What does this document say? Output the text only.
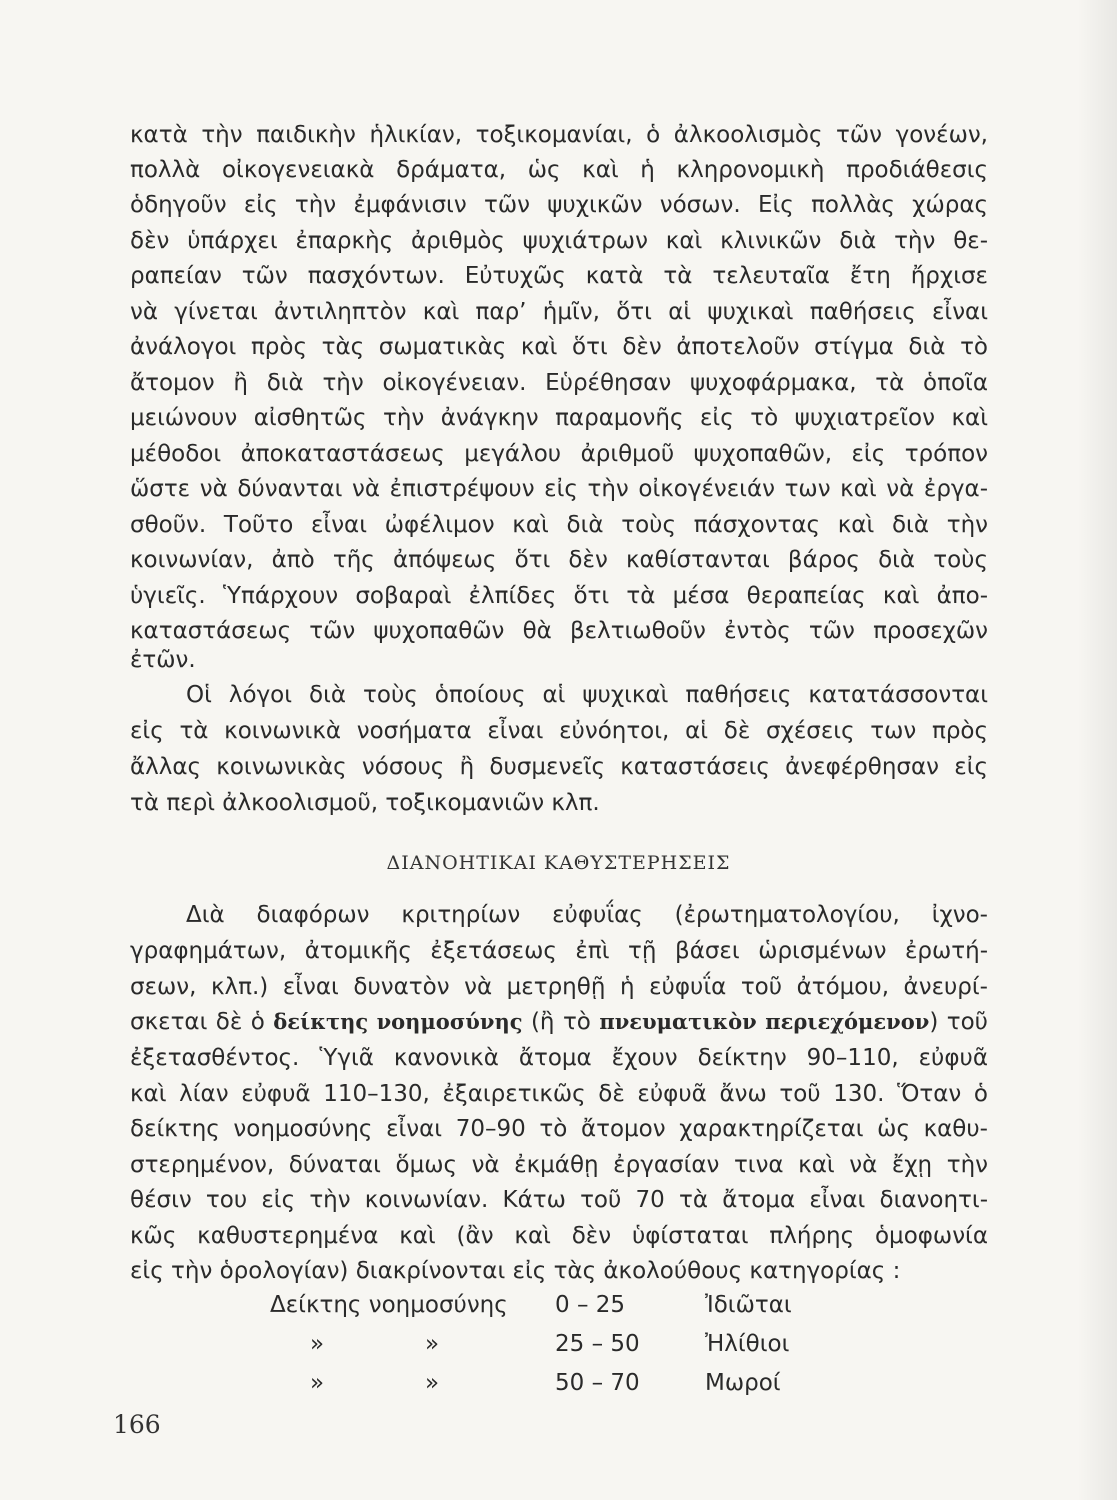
κατὰ τὴν παιδικὴν ἡλικίαν, τοξικομανίαι, ὁ ἀλκοολισμὸς τῶν γονέων,
πολλὰ οἰκογενειακὰ δράματα, ὡς καὶ ἡ κληρονομικὴ προδιάθεσις
ὁδηγοῦν εἰς τὴν ἐμφάνισιν τῶν ψυχικῶν νόσων. Εἰς πολλὰς χώρας
δὲν ὑπάρχει ἐπαρκὴς ἀριθμὸς ψυχιάτρων καὶ κλινικῶν διὰ τὴν θε-
ραπείαν τῶν πασχόντων. Εὐτυχῶς κατὰ τὰ τελευταῖα ἔτη ἤρχισε
νὰ γίνεται ἀντιληπτὸν καὶ παρ’ ἡμῖν, ὅτι αἱ ψυχικαὶ παθήσεις εἶναι
ἀνάλογοι πρὸς τὰς σωματικὰς καὶ ὅτι δὲν ἀποτελοῦν στίγμα διὰ τὸ
ἄτομον ἢ διὰ τὴν οἰκογένειαν. Εὑρέθησαν ψυχοφάρμακα, τὰ ὁποῖα
μειώνουν αἰσθητῶς τὴν ἀνάγκην παραμονῆς εἰς τὸ ψυχιατρεῖον καὶ
μέθοδοι ἀποκαταστάσεως μεγάλου ἀριθμοῦ ψυχοπαθῶν, εἰς τρόπον
ὥστε νὰ δύνανται νὰ ἐπιστρέψουν εἰς τὴν οἰκογένειάν των καὶ νὰ ἐργα-
σθοῦν. Τοῦτο εἶναι ὠφέλιμον καὶ διὰ τοὺς πάσχοντας καὶ διὰ τὴν
κοινωνίαν, ἀπὸ τῆς ἀπόψεως ὅτι δὲν καθίστανται βάρος διὰ τοὺς
ὑγιεῖς. Ὑπάρχουν σοβαραὶ ἐλπίδες ὅτι τὰ μέσα θεραπείας καὶ ἀπο-
καταστάσεως τῶν ψυχοπαθῶν θὰ βελτιωθοῦν ἐντὸς τῶν προσεχῶν
ἐτῶν.
Οἱ λόγοι διὰ τοὺς ὁποίους αἱ ψυχικαὶ παθήσεις κατατάσσονται
εἰς τὰ κοινωνικὰ νοσήματα εἶναι εὐνόητοι, αἱ δὲ σχέσεις των πρὸς
ἄλλας κοινωνικὰς νόσους ἢ δυσμενεῖς καταστάσεις ἀνεφέρθησαν εἰς
τὰ περὶ ἀλκοολισμοῦ, τοξικομανιῶν κλπ.
ΔΙΑΝΟΗΤΙΚΑΙ ΚΑΘΥΣΤΕΡΗΣΕΙΣ
Διὰ διαφόρων κριτηρίων εὐφυΐας (ἐρωτηματολογίου, ἰχνο-
γραφημάτων, ἀτομικῆς ἐξετάσεως ἐπὶ τῇ βάσει ὡρισμένων ἐρωτή-
σεων, κλπ.) εἶναι δυνατὸν νὰ μετρηθῇ ἡ εὐφυΐα τοῦ ἀτόμου, ἀνευρί-
σκεται δὲ ὁ δείκτης νοημοσύνης (ἢ τὸ πνευματικὸν περιεχόμενον) τοῦ
ἐξετασθέντος. Ὑγιᾶ κανονικὰ ἄτομα ἔχουν δείκτην 90–110, εὐφυᾶ
καὶ λίαν εὐφυᾶ 110–130, ἐξαιρετικῶς δὲ εὐφυᾶ ἄνω τοῦ 130. Ὅταν ὁ
δείκτης νοημοσύνης εἶναι 70–90 τὸ ἄτομον χαρακτηρίζεται ὡς καθυ-
στερημένον, δύναται ὅμως νὰ ἐκμάθῃ ἐργασίαν τινα καὶ νὰ ἔχῃ τὴν
θέσιν του εἰς τὴν κοινωνίαν. Κάτω τοῦ 70 τὰ ἄτομα εἶναι διανοητι-
κῶς καθυστερημένα καὶ (ἂν καὶ δὲν ὑφίσταται πλήρης ὁμοφωνία
εἰς τὴν ὁρολογίαν) διακρίνονται εἰς τὰς ἀκολούθους κατηγορίας :
Δείκτης νοημοσύνης	0 – 25	Ἰδιῶται
»	»	25 – 50	Ἠλίθιοι
»	»	50 – 70	Μωροί
166
